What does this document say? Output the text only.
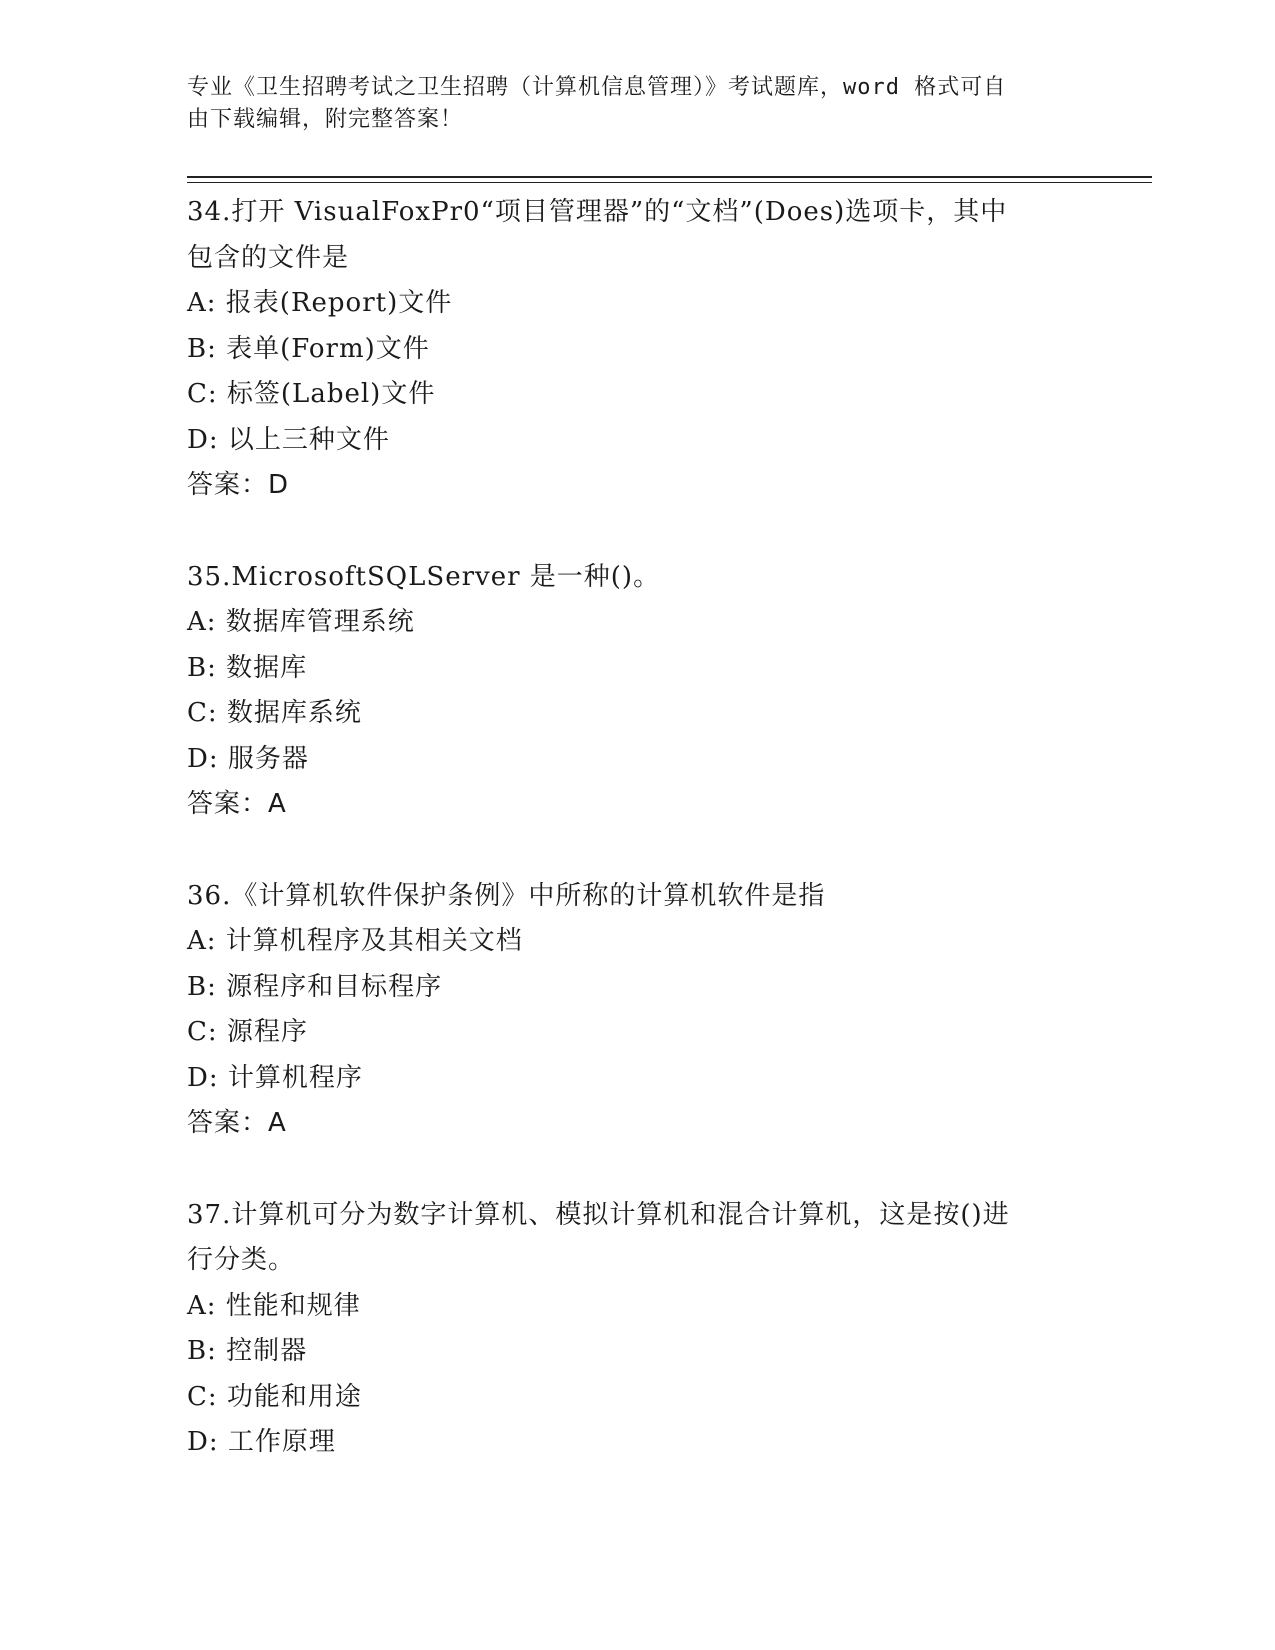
专业《卫生招聘考试之卫生招聘（计算机信息管理）》考试题库，word 格式可自
由下载编辑，附完整答案！
34.打开 VisualFoxPr0“项目管理器”的“文档”(Does)选项卡，其中
包含的文件是
A: 报表(Report)文件
B: 表单(Form)文件
C: 标签(Label)文件
D: 以上三种文件
答案：D
35.MicrosoftSQLServer 是一种()。
A: 数据库管理系统
B: 数据库
C: 数据库系统
D: 服务器
答案：A
36.《计算机软件保护条例》中所称的计算机软件是指
A: 计算机程序及其相关文档
B: 源程序和目标程序
C: 源程序
D: 计算机程序
答案：A
37.计算机可分为数字计算机、模拟计算机和混合计算机，这是按()进
行分类。
A: 性能和规律
B: 控制器
C: 功能和用途
D: 工作原理
